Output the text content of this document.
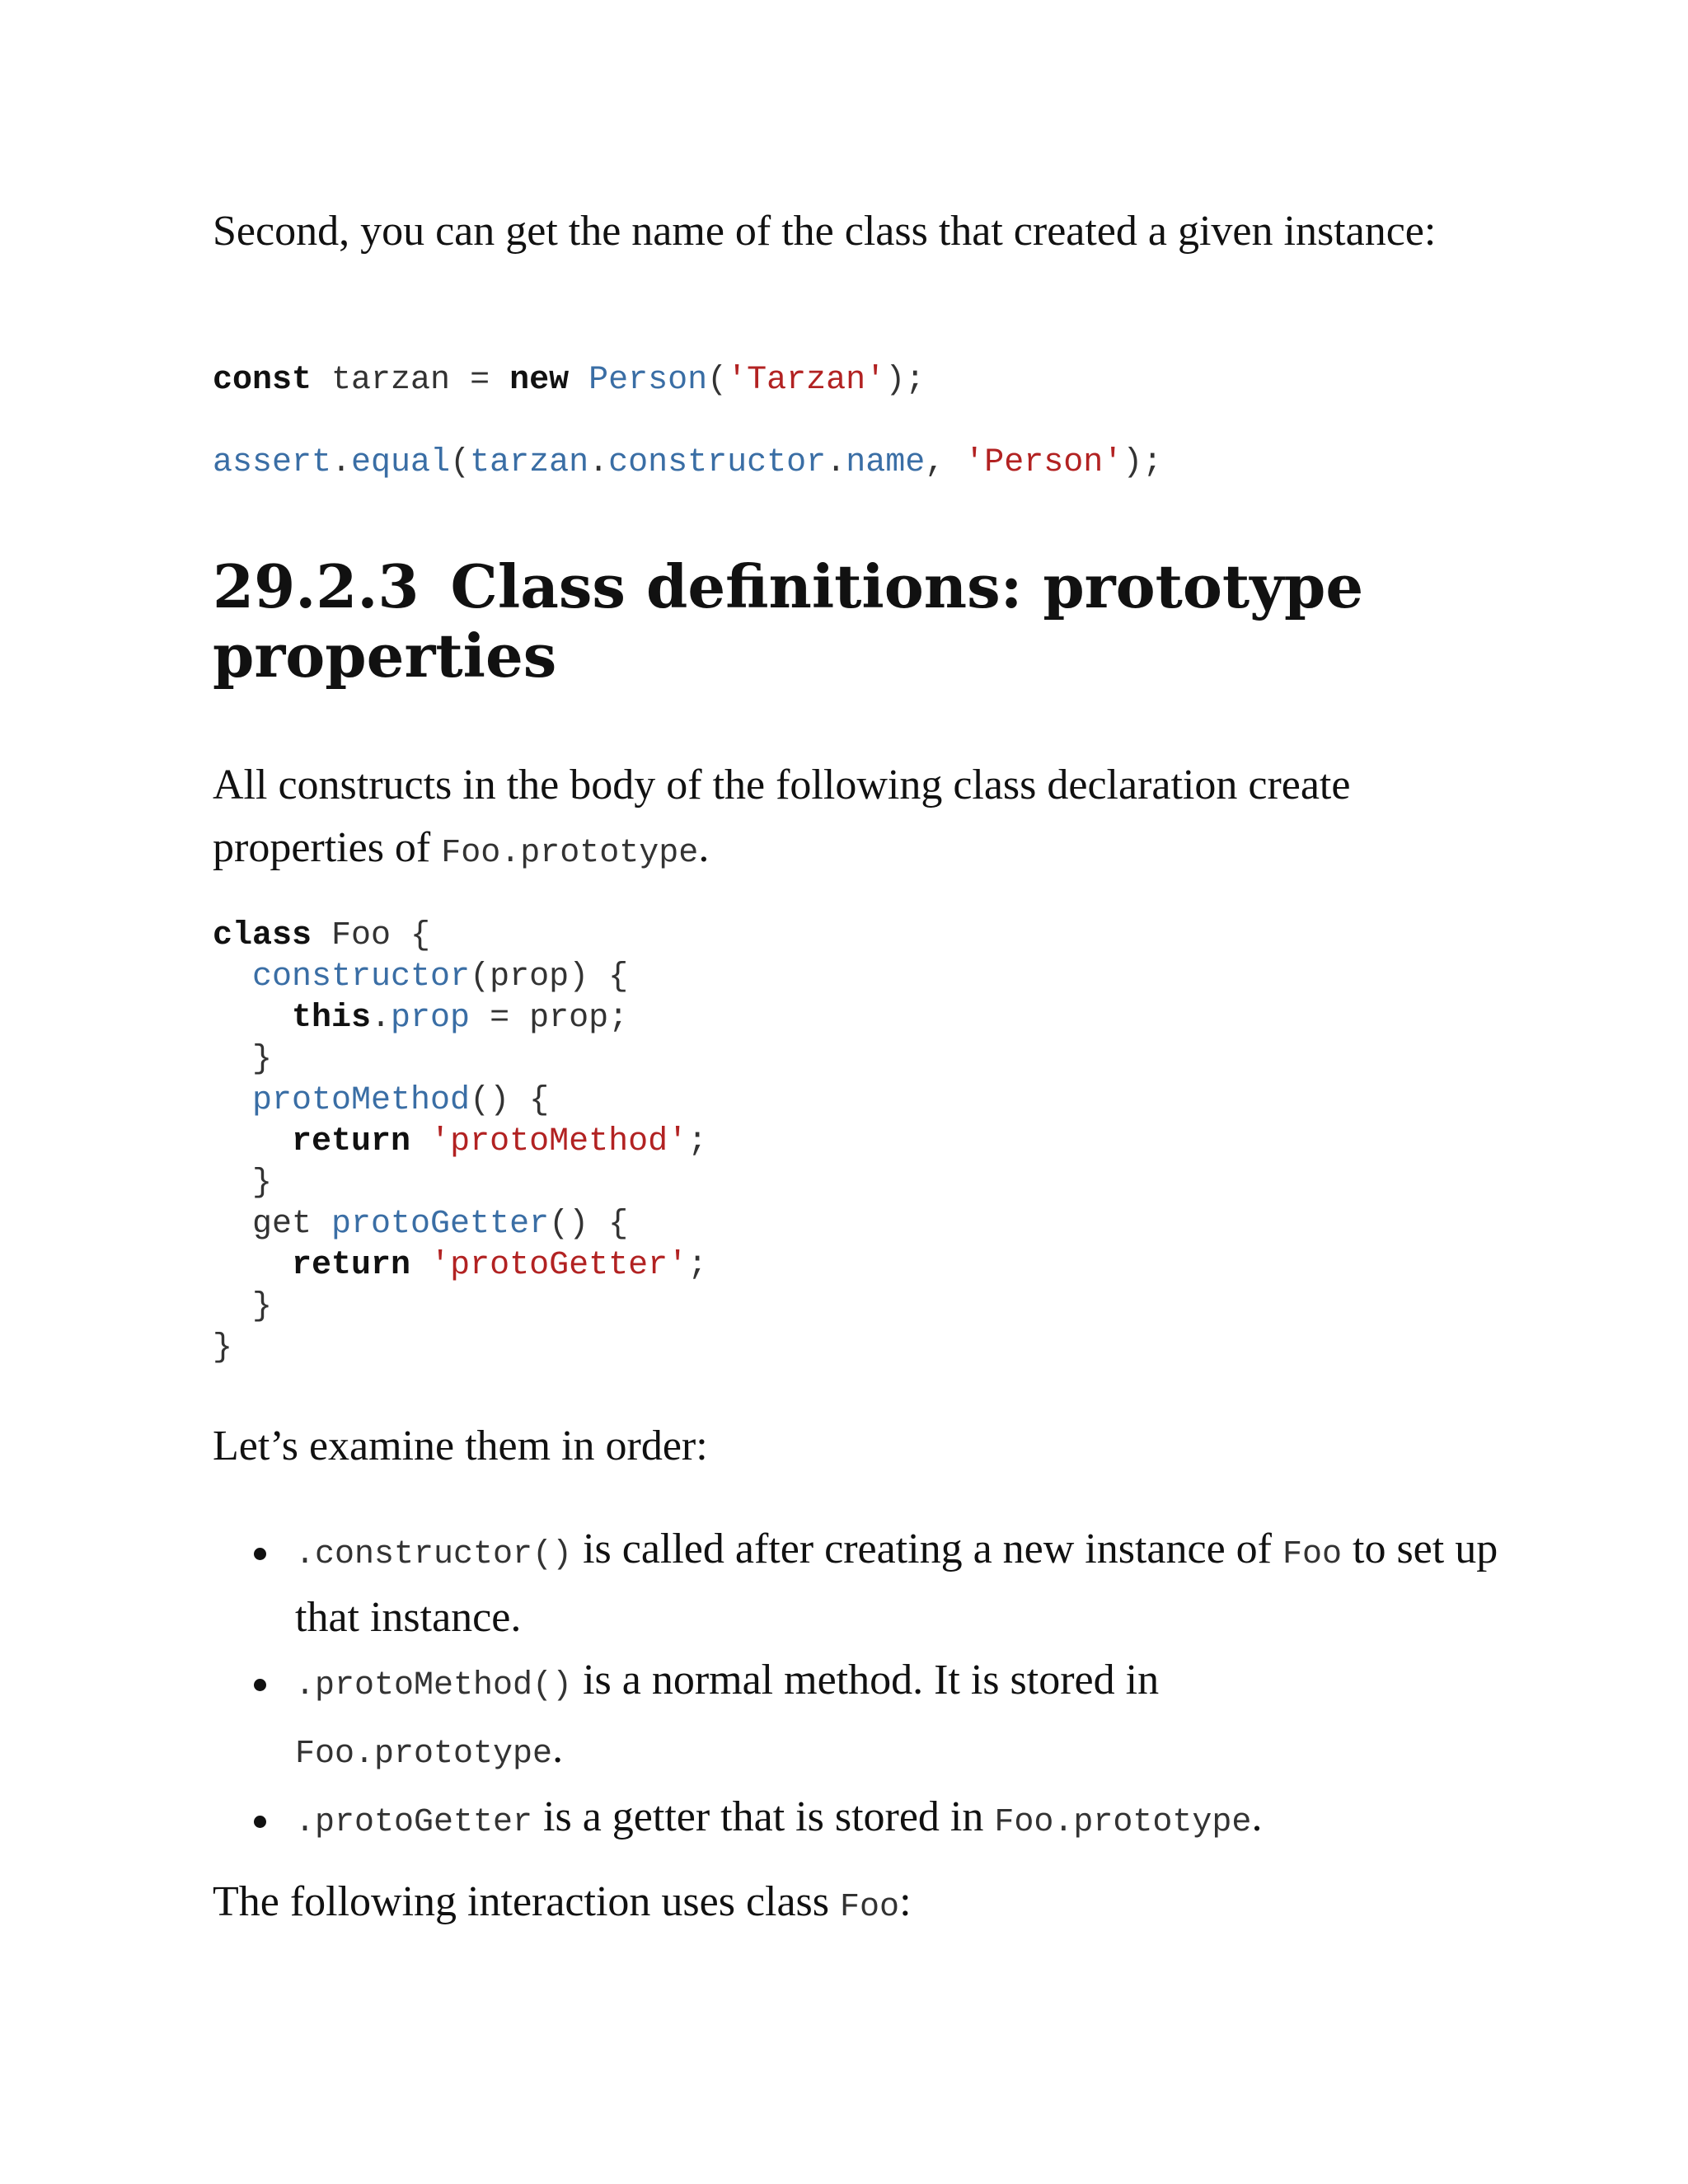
Second, you can get the name of the class that created a given instance:

const tarzan = new Person('Tarzan');

assert.equal(tarzan.constructor.name, 'Person');
29.2.3 Class definitions: prototype properties

All constructs in the body of the following class declaration create properties of Foo.prototype.

class Foo {
constructor(prop) {
this.prop = prop;
}
protoMethod() {
return 'protoMethod';
}
get protoGetter() {
return 'protoGetter';
}
}

Let’s examine them in order:

.constructor() is called after creating a new instance of Foo to set up that instance.
.protoMethod() is a normal method. It is stored in
Foo.prototype.
.protoGetter is a getter that is stored in Foo.prototype.

The following interaction uses class Foo:
